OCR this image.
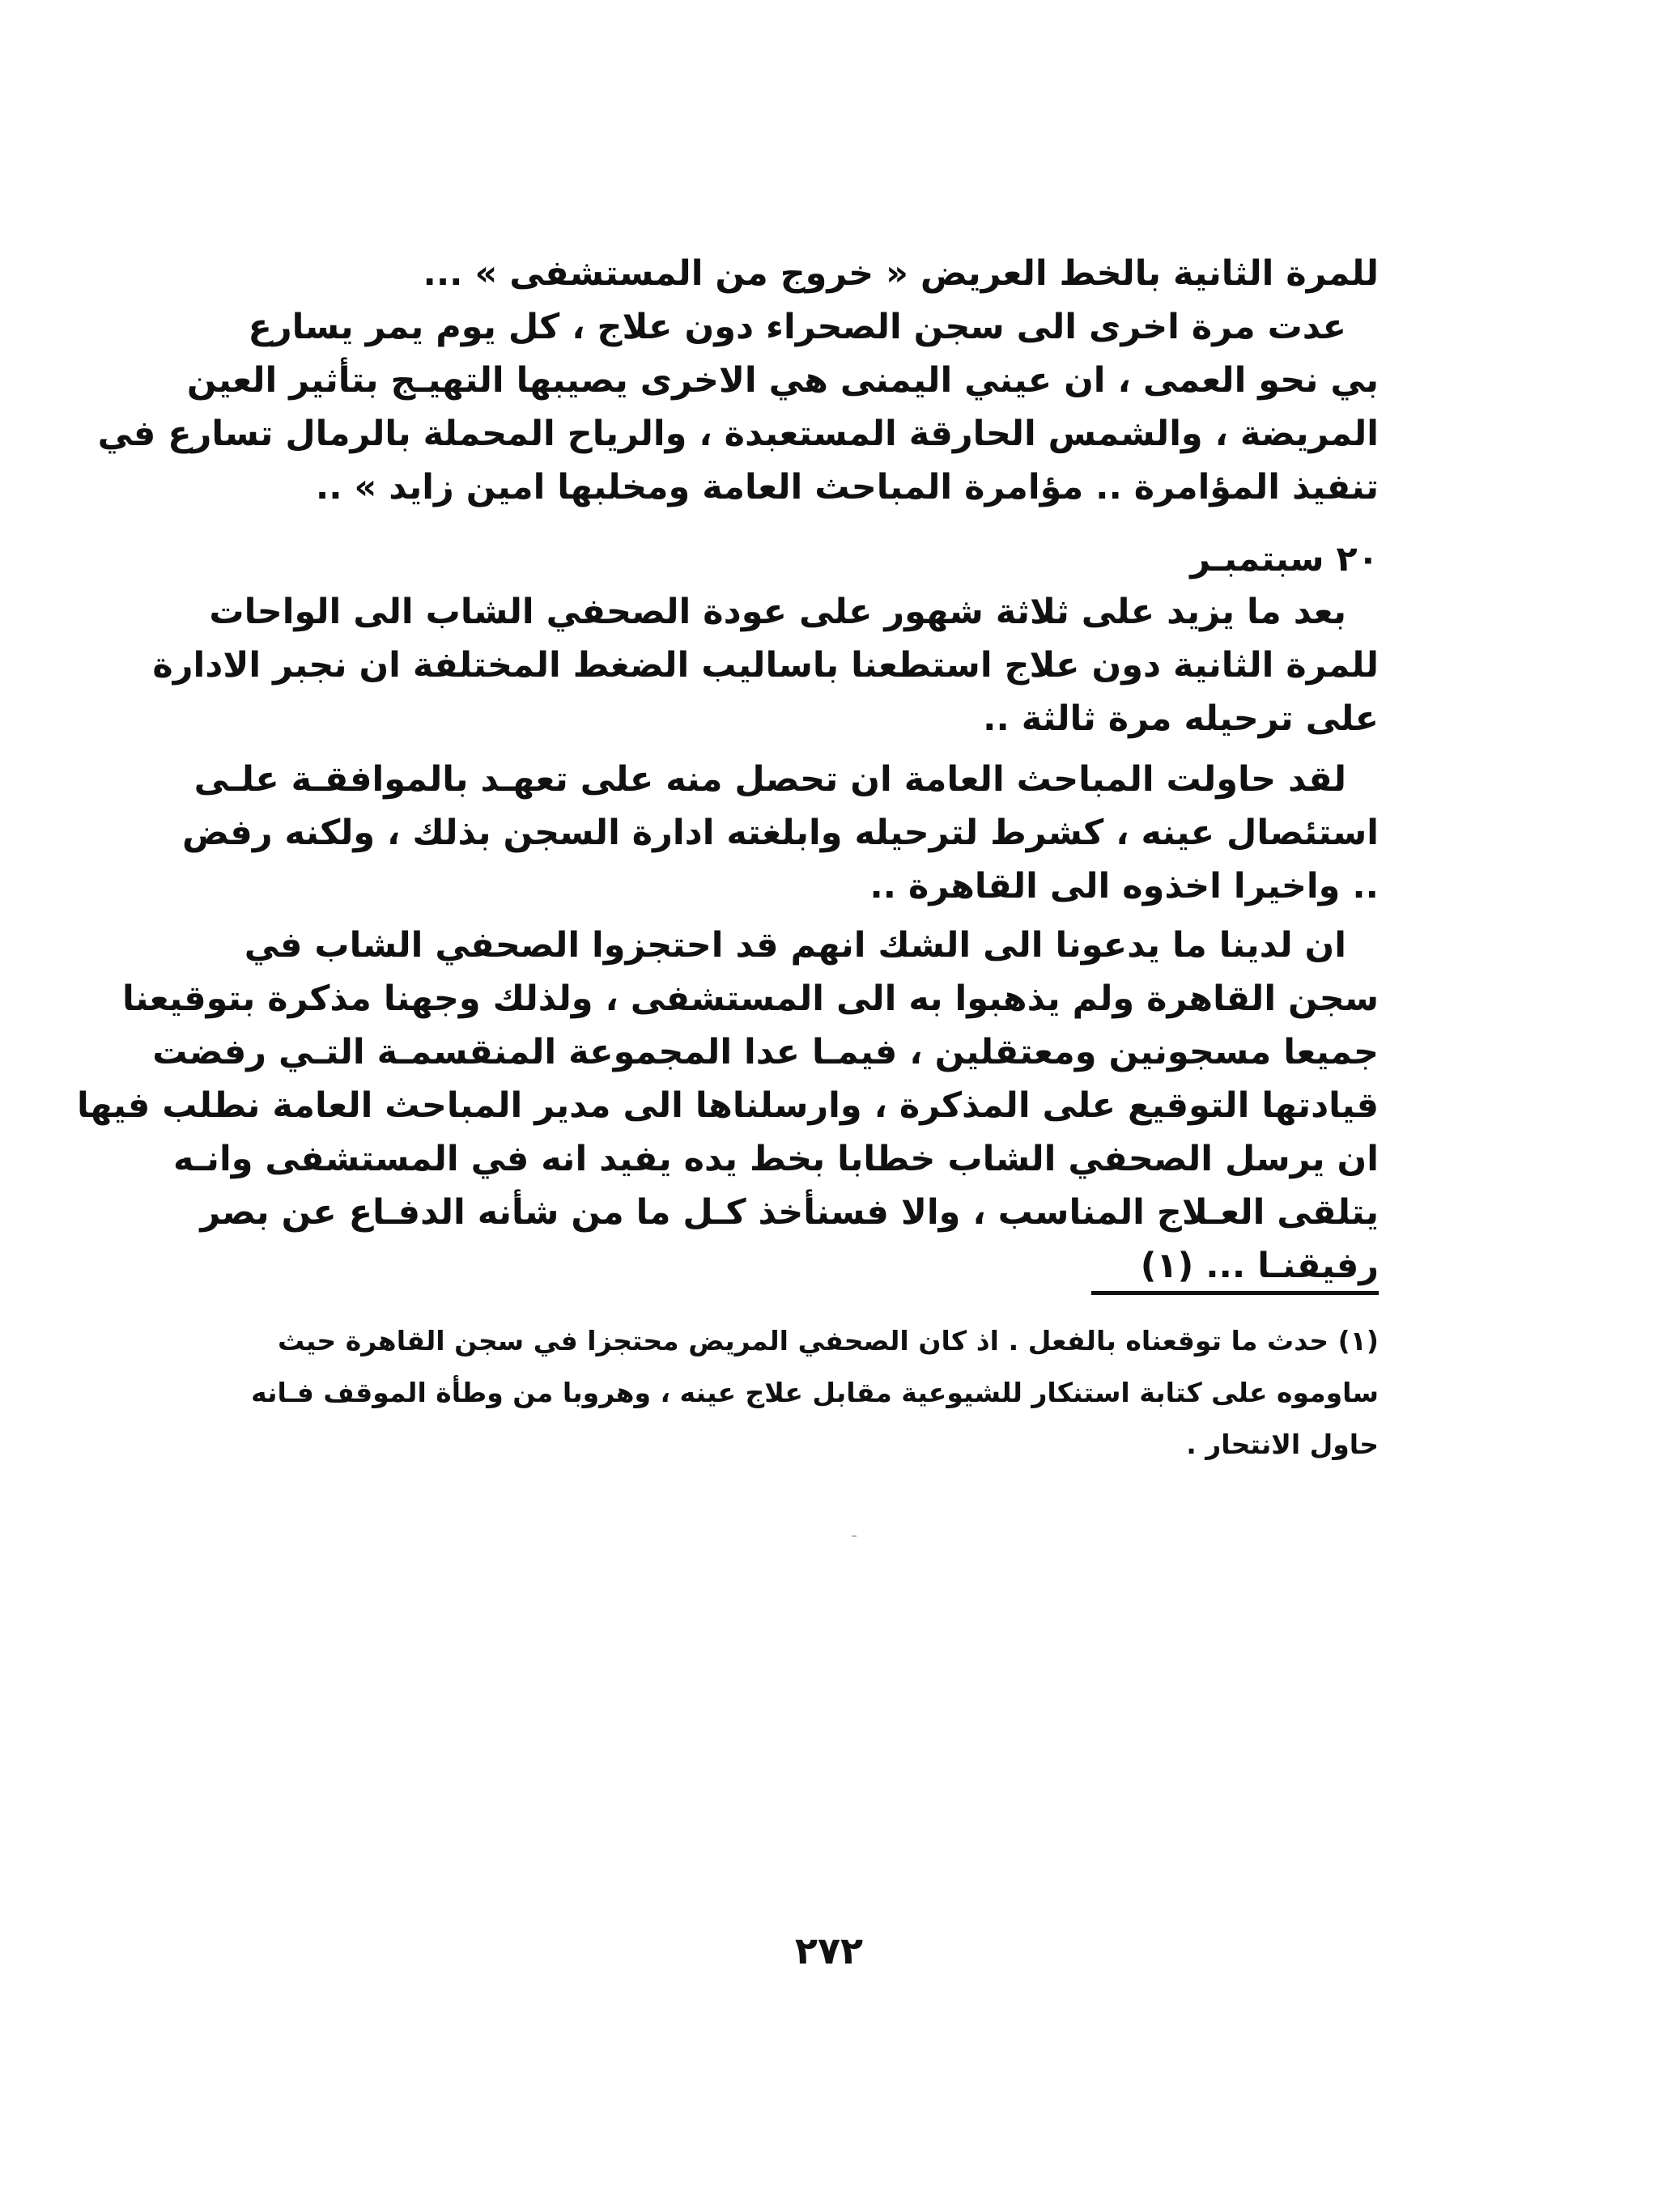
للمرة الثانية بالخط العريض « خروج من المستشفى » ...
عدت مرة اخرى الى سجن الصحراء دون علاج ، كل يوم يمر يسارع
بي نحو العمى ، ان عيني اليمنى هي الاخرى يصيبها التهيـج بتأثير العين
المريضة ، والشمس الحارقة المستعبدة ، والرياح المحملة بالرمال تسارع في
تنفيذ المؤامرة .. مؤامرة المباحث العامة ومخلبها امين زايد » ..
٢٠ سبتمبـر
بعد ما يزيد على ثلاثة شهور على عودة الصحفي الشاب الى الواحات
للمرة الثانية دون علاج استطعنا باساليب الضغط المختلفة ان نجبر الادارة
على ترحيله مرة ثالثة ..
لقد حاولت المباحث العامة ان تحصل منه على تعهـد بالموافقـة علـى
استئصال عينه ، كشرط لترحيله وابلغته ادارة السجن بذلك ، ولكنه رفض
.. واخيرا اخذوه الى القاهرة ..
ان لدينا ما يدعونا الى الشك انهم قد احتجزوا الصحفي الشاب في
سجن القاهرة ولم يذهبوا به الى المستشفى ، ولذلك وجهنا مذكرة بتوقيعنا
جميعا مسجونين ومعتقلين ، فيمـا عدا المجموعة المنقسمـة التـي رفضت
قيادتها التوقيع على المذكرة ، وارسلناها الى مدير المباحث العامة نطلب فيها
ان يرسل الصحفي الشاب خطابا بخط يده يفيد انه في المستشفى وانـه
يتلقى العـلاج المناسب ، والا فسنأخذ كـل ما من شأنه الدفـاع عن بصر
رفيقنـا ... (١)
(١) حدث ما توقعناه بالفعل . اذ كان الصحفي المريض محتجزا في سجن القاهرة حيث
ساوموه على كتابة استنكار للشيوعية مقابل علاج عينه ، وهروبا من وطأة الموقف فـانه
حاول الانتحار .
٢٧٢
